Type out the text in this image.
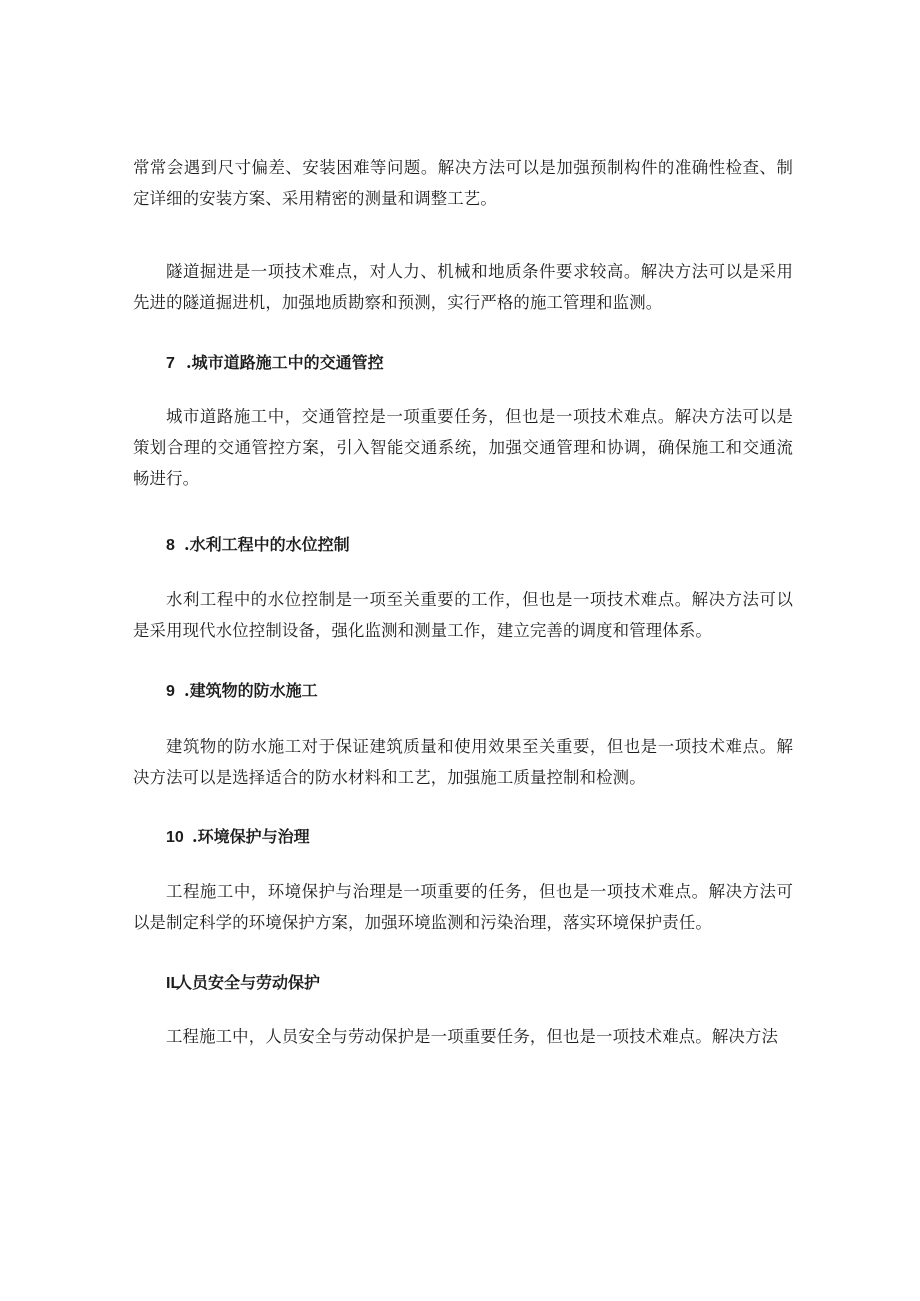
常常会遇到尺寸偏差、安装困难等问题。解决方法可以是加强预制构件的准确性检查、制定详细的安装方案、采用精密的测量和调整工艺。

隧道掘进是一项技术难点，对人力、机械和地质条件要求较高。解决方法可以是采用先进的隧道掘进机，加强地质勘察和预测，实行严格的施工管理和监测。

7 .城市道路施工中的交通管控

城市道路施工中，交通管控是一项重要任务，但也是一项技术难点。解决方法可以是策划合理的交通管控方案，引入智能交通系统，加强交通管理和协调，确保施工和交通流畅进行。

8 .水利工程中的水位控制

水利工程中的水位控制是一项至关重要的工作，但也是一项技术难点。解决方法可以是采用现代水位控制设备，强化监测和测量工作，建立完善的调度和管理体系。

9 .建筑物的防水施工

建筑物的防水施工对于保证建筑质量和使用效果至关重要，但也是一项技术难点。解决方法可以是选择适合的防水材料和工艺，加强施工质量控制和检测。

10 .环境保护与治理

工程施工中，环境保护与治理是一项重要的任务，但也是一项技术难点。解决方法可以是制定科学的环境保护方案，加强环境监测和污染治理，落实环境保护责任。

IL人员安全与劳动保护

工程施工中，人员安全与劳动保护是一项重要任务，但也是一项技术难点。解决方法
